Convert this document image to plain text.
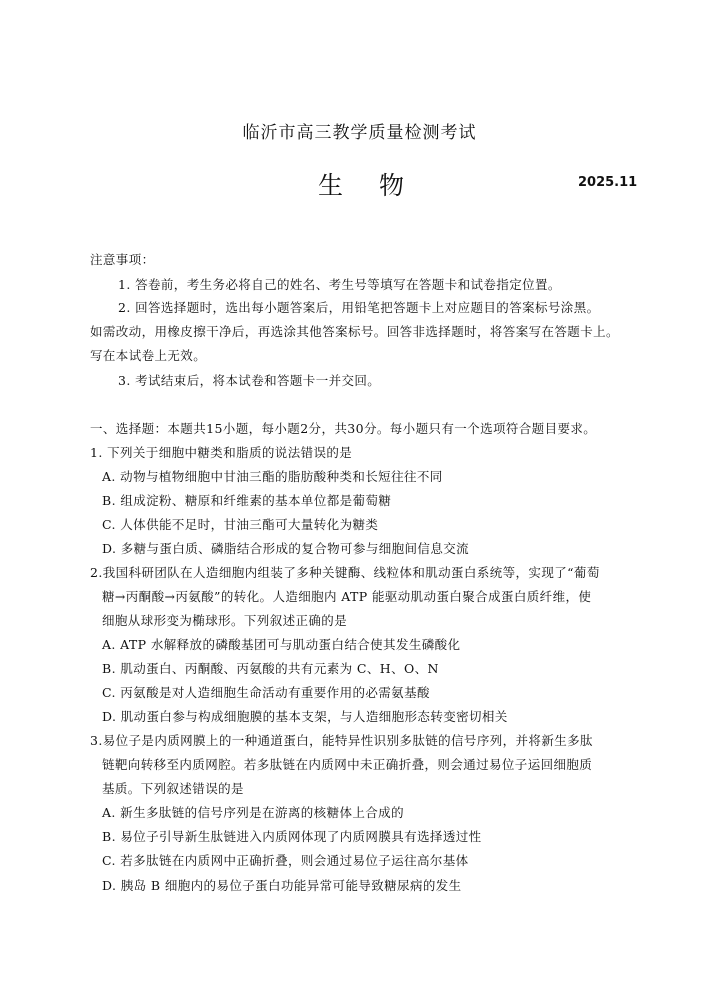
临沂市高三教学质量检测考试
生 物	2025.11
注意事项：
1. 答卷前，考生务必将自己的姓名、考生号等填写在答题卡和试卷指定位置。
2. 回答选择题时，选出每小题答案后，用铅笔把答题卡上对应题目的答案标号涂黑。
如需改动，用橡皮擦干净后，再选涂其他答案标号。回答非选择题时，将答案写在答题卡上。
写在本试卷上无效。
3. 考试结束后，将本试卷和答题卡一并交回。
一、选择题：本题共15小题，每小题2分，共30分。每小题只有一个选项符合题目要求。
1. 下列关于细胞中糖类和脂质的说法错误的是
A. 动物与植物细胞中甘油三酯的脂肪酸种类和长短往往不同
B. 组成淀粉、糖原和纤维素的基本单位都是葡萄糖
C. 人体供能不足时，甘油三酯可大量转化为糖类
D. 多糖与蛋白质、磷脂结合形成的复合物可参与细胞间信息交流
2.我国科研团队在人造细胞内组装了多种关键酶、线粒体和肌动蛋白系统等，实现了“葡萄
糖→丙酮酸→丙氨酸”的转化。人造细胞内 ATP 能驱动肌动蛋白聚合成蛋白质纤维，使
细胞从球形变为椭球形。下列叙述正确的是
A. ATP 水解释放的磷酸基团可与肌动蛋白结合使其发生磷酸化
B. 肌动蛋白、丙酮酸、丙氨酸的共有元素为 C、H、O、N
C. 丙氨酸是对人造细胞生命活动有重要作用的必需氨基酸
D. 肌动蛋白参与构成细胞膜的基本支架，与人造细胞形态转变密切相关
3.易位子是内质网膜上的一种通道蛋白，能特异性识别多肽链的信号序列，并将新生多肽
链靶向转移至内质网腔。若多肽链在内质网中未正确折叠，则会通过易位子运回细胞质
基质。下列叙述错误的是
A. 新生多肽链的信号序列是在游离的核糖体上合成的
B. 易位子引导新生肽链进入内质网体现了内质网膜具有选择透过性
C. 若多肽链在内质网中正确折叠，则会通过易位子运往高尔基体
D. 胰岛 B 细胞内的易位子蛋白功能异常可能导致糖尿病的发生
